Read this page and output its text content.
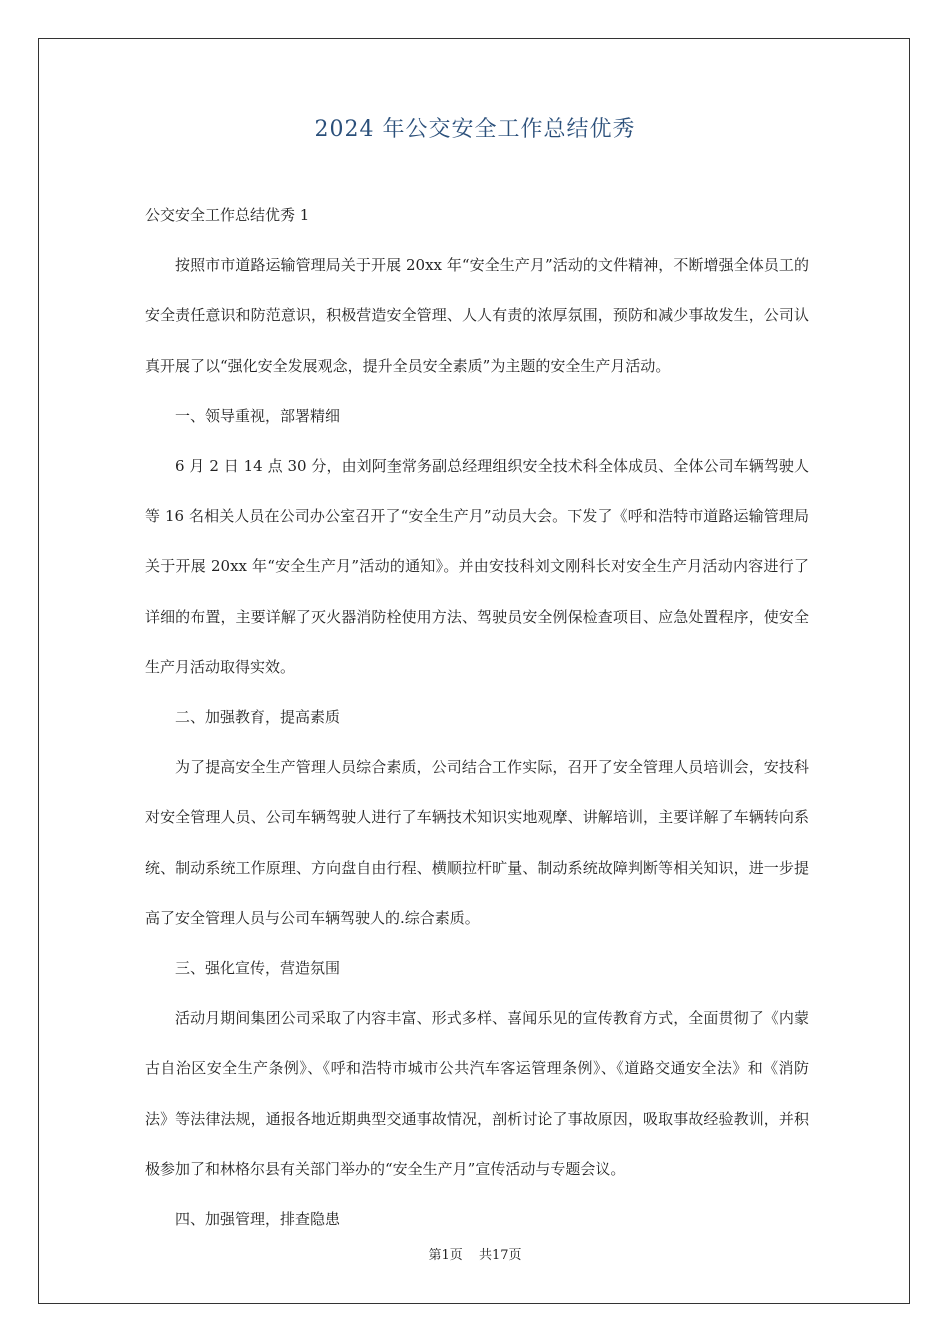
2024 年公交安全工作总结优秀

公交安全工作总结优秀 1

按照市市道路运输管理局关于开展 20xx 年“安全生产月”活动的文件精神，不断增强全体员工的安全责任意识和防范意识，积极营造安全管理、人人有责的浓厚氛围，预防和减少事故发生，公司认真开展了以“强化安全发展观念，提升全员安全素质”为主题的安全生产月活动。

一、领导重视，部署精细

6 月 2 日 14 点 30 分，由刘阿奎常务副总经理组织安全技术科全体成员、全体公司车辆驾驶人等 16 名相关人员在公司办公室召开了“安全生产月”动员大会。下发了《呼和浩特市道路运输管理局关于开展 20xx 年“安全生产月”活动的通知》。并由安技科刘文刚科长对安全生产月活动内容进行了详细的布置，主要详解了灭火器消防栓使用方法、驾驶员安全例保检查项目、应急处置程序，使安全生产月活动取得实效。

二、加强教育，提高素质

为了提高安全生产管理人员综合素质，公司结合工作实际，召开了安全管理人员培训会，安技科对安全管理人员、公司车辆驾驶人进行了车辆技术知识实地观摩、讲解培训，主要详解了车辆转向系统、制动系统工作原理、方向盘自由行程、横顺拉杆旷量、制动系统故障判断等相关知识，进一步提高了安全管理人员与公司车辆驾驶人的.综合素质。

三、强化宣传，营造氛围

活动月期间集团公司采取了内容丰富、形式多样、喜闻乐见的宣传教育方式，全面贯彻了《内蒙古自治区安全生产条例》、《呼和浩特市城市公共汽车客运管理条例》、《道路交通安全法》和《消防法》等法律法规，通报各地近期典型交通事故情况，剖析讨论了事故原因，吸取事故经验教训，并积极参加了和林格尔县有关部门举办的“安全生产月”宣传活动与专题会议。

四、加强管理，排查隐患

第1页 共17页
